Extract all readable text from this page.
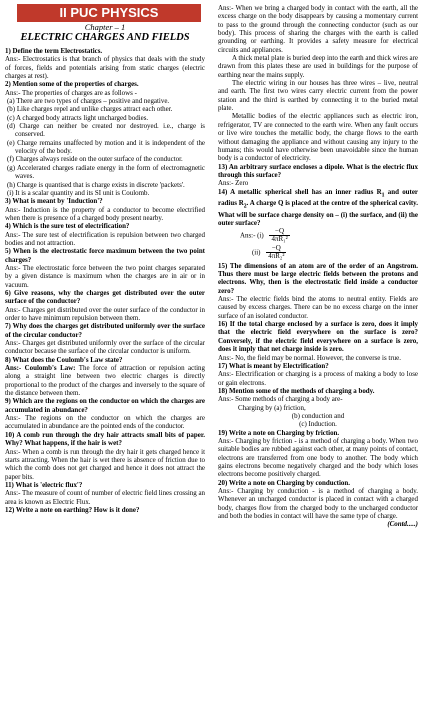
II PUC PHYSICS
Chapter – 1
ELECTRIC CHARGES AND FIELDS

1) Define the term Electrostatics.

Ans:- Electrostatics is that branch of physics that deals with the study of forces, fields and potentials arising from static charges (electric charges at rest).

2) Mention some of the properties of charges.

Ans:- The properties of charges are as follows -

(a) There are two types of charges – positive and negative.

(b) Like charges repel and unlike charges attract each other.

(c) A charged body attracts light uncharged bodies.

(d) Charge can neither be created nor destroyed. i.e., charge is conserved.

(e) Charge remains unaffected by motion and it is independent of the velocity of the body.

(f) Charges always reside on the outer surface of the conductor.

(g) Accelerated charges radiate energy in the form of electromagnetic waves.

(h) Charge is quantised that is charge exists in discrete 'packets'.

(i) It is a scalar quantity and its SI unit is Coulomb.

3) What is meant by 'Induction'?

Ans:- Induction is the property of a conductor to become electrified when there is presence of a charged body present nearby.

4) Which is the sure test of electrification?

Ans:- The sure test of electrification is repulsion between two charged bodies and not attraction.

5) When is the electrostatic force maximum between the two point charges?

Ans:- The electrostatic force between the two point charges separated by a given distance is maximum when the charges are in air or in vacuum.

6) Give reasons, why the charges get distributed over the outer surface of the conductor?

Ans:- Charges get distributed over the outer surface of the conductor in order to have minimum repulsion between them.

7) Why does the charges get distributed uniformly over the surface of the circular conductor?

Ans:- Charges get distributed uniformly over the surface of the circular conductor because the surface of the circular conductor is uniform.

8) What does the Coulomb's Law state?

Ans:- Coulomb's Law: The force of attraction or repulsion acting along a straight line between two electric charges is directly proportional to the product of the charges and inversely to the square of the distance between them.

9) Which are the regions on the conductor on which the charges are accumulated in abundance?

Ans:- The regions on the conductor on which the charges are accumulated in abundance are the pointed ends of the conductor.

10) A comb run through the dry hair attracts small bits of paper. Why? What happens, if the hair is wet?

Ans:- When a comb is run through the dry hair it gets charged hence it starts attracting. When the hair is wet there is absence of friction due to which the comb does not get charged and hence it does not attract the paper bits.

11) What is 'electric flux'?

Ans:- The measure of count of number of electric field lines crossing an area is known as Electric Flux.

12) Write a note on earthing? How is it done?

Ans:- When we bring a charged body in contact with the earth, all the excess charge on the body disappears by causing a momentary current to pass to the ground through the connecting conductor (such as our body). This process of sharing the charges with the earth is called grounding or earthing. It provides a safety measure for electrical circuits and appliances.

A thick metal plate is buried deep into the earth and thick wires are drawn from this plates these are used in buildings for the purpose of earthing near the mains supply.

The electric wiring in our houses has three wires – live, neutral and earth. The first two wires carry electric current from the power station and the third is earthed by connecting it to the buried metal plate.

Metallic bodies of the electric appliances such as electric iron, refrigerator, TV are connected to the earth wire. When any fault occurs or live wire touches the metallic body, the charge flows to the earth without damaging the appliance and without causing any injury to the humans; this would have otherwise been unavoidable since the human body is a conductor of electricity.

13) An arbitrary surface encloses a dipole. What is the electric flux through this surface?

Ans:- Zero

14) A metallic spherical shell has an inner radius $R_1$ and outer radius $R_2$. A charge Q is placed at the centre of the spherical cavity. What will be surface charge density on – (i) the surface, and (ii) the outer surface?

Ans:- $(i) \frac{-Q}{\text{4πR₁²}}$
$(ii) \frac{-Q}{\text{4πR₂²}}$

15) The dimensions of an atom are of the order of an Angstrom. Thus there must be large electric fields between the protons and electrons. Why, then is the electrostatic field inside a conductor zero?

Ans:- The electric fields bind the atoms to neutral entity. Fields are caused by excess charges. There can be no excess charge on the inner surface of an isolated conductor.

16) If the total charge enclosed by a surface is zero, does it imply that the electric field everywhere on the surface is zero? Conversely, if the electric field everywhere on a surface is zero, does it imply that net charge inside is zero.

Ans:- No, the field may be normal. However, the converse is true.

17) What is meant by Electrification?

Ans:- Electrification or charging is a process of making a body to lose or gain electrons.

18) Mention some of the methods of charging a body.

Ans:- Some methods of charging a body are-

Charging by (a) friction,

(b) conduction and

(c) Induction.

19) Write a note on Charging by friction.

Ans:- Charging by friction - is a method of charging a body. When two suitable bodies are rubbed against each other, at many points of contact, electrons are transferred from one body to another. The body which gains electrons become negatively charged and the body which loses electrons become positively charged.

20) Write a note on Charging by conduction.

Ans:- Charging by conduction - is a method of charging a body. Whenever an uncharged conductor is placed in contact with a charged body, charges flow from the charged body to the uncharged conductor and both the bodies in contact will have the same type of charge.

(Contd.....)
